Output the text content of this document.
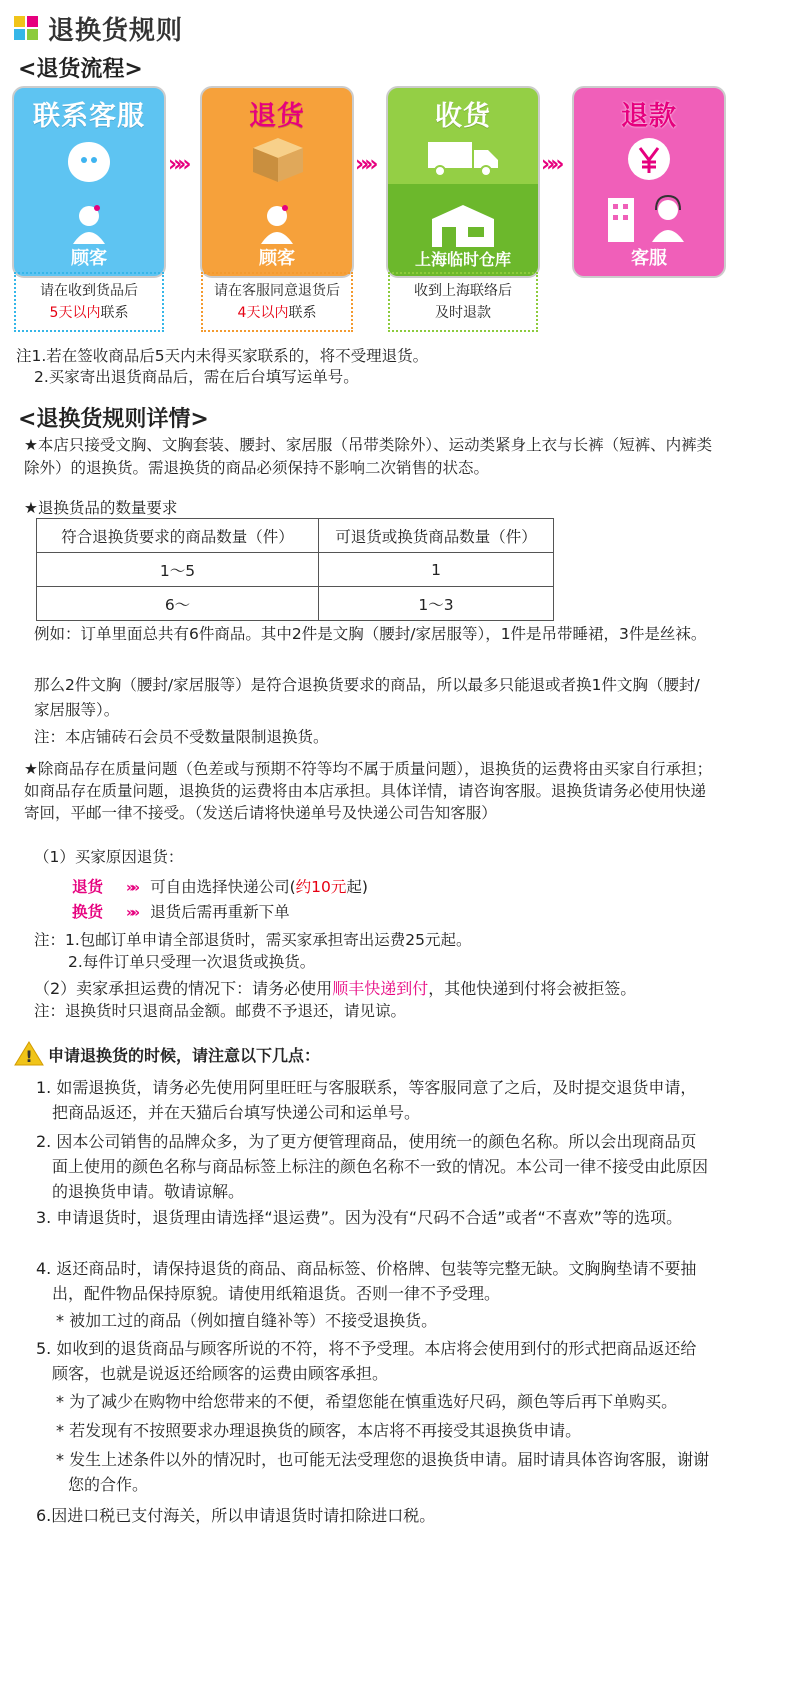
退换货规则
<退货流程>
联系客服
顾客
»»
退货
顾客
»»
收货
上海临时仓库
»»
退款
客服
请在收到货品后
5天以内联系
请在客服同意退货后
4天以内联系
收到上海联络后
及时退款
注1.若在签收商品后5天内未得买家联系的，将不受理退货。
2.买家寄出退货商品后，需在后台填写运单号。
<退换货规则详情>
★本店只接受文胸、文胸套装、腰封、家居服（吊带类除外）、运动类紧身上衣与长裤（短裤、内裤类除外）的退换货。需退换货的商品必须保持不影响二次销售的状态。
★退换货品的数量要求
符合退换货要求的商品数量（件）	可退货或换货商品数量（件）
1～5	1
6～	1～3
例如：订单里面总共有6件商品。其中2件是文胸（腰封/家居服等），1件是吊带睡裙，3件是丝袜。
那么2件文胸（腰封/家居服等）是符合退换货要求的商品，所以最多只能退或者换1件文胸（腰封/家居服等）。
注：本店铺砖石会员不受数量限制退换货。
★除商品存在质量问题（色差或与预期不符等均不属于质量问题），退换货的运费将由买家自行承担；如商品存在质量问题，退换货的运费将由本店承担。具体详情，请咨询客服。退换货请务必使用快递寄回，平邮一律不接受。（发送后请将快递单号及快递公司告知客服）
（1）买家原因退货：
退货 »» 可自由选择快递公司(约10元起)
换货 »» 退货后需再重新下单
注：1.包邮订单申请全部退货时，需买家承担寄出运费25元起。
2.每件订单只受理一次退货或换货。
（2）卖家承担运费的情况下：请务必使用顺丰快递到付，其他快递到付将会被拒签。
注：退换货时只退商品金额。邮费不予退还，请见谅。
! 申请退换货的时候，请注意以下几点：
1. 如需退换货，请务必先使用阿里旺旺与客服联系，等客服同意了之后，及时提交退货申请，把商品返还，并在天猫后台填写快递公司和运单号。
2. 因本公司销售的品牌众多，为了更方便管理商品，使用统一的颜色名称。所以会出现商品页面上使用的颜色名称与商品标签上标注的颜色名称不一致的情况。本公司一律不接受由此原因的退换货申请。敬请谅解。
3. 申请退货时，退货理由请选择“退运费”。因为没有“尺码不合适”或者“不喜欢”等的选项。
4. 返还商品时，请保持退货的商品、商品标签、价格牌、包装等完整无缺。文胸胸垫请不要抽出，配件物品保持原貌。请使用纸箱退货。否则一律不予受理。
* 被加工过的商品（例如擅自缝补等）不接受退换货。
5. 如收到的退货商品与顾客所说的不符，将不予受理。本店将会使用到付的形式把商品返还给顾客，也就是说返还给顾客的运费由顾客承担。
* 为了减少在购物中给您带来的不便，希望您能在慎重选好尺码，颜色等后再下单购买。
* 若发现有不按照要求办理退换货的顾客，本店将不再接受其退换货申请。
* 发生上述条件以外的情况时，也可能无法受理您的退换货申请。届时请具体咨询客服，谢谢您的合作。
6.因进口税已支付海关，所以申请退货时请扣除进口税。
